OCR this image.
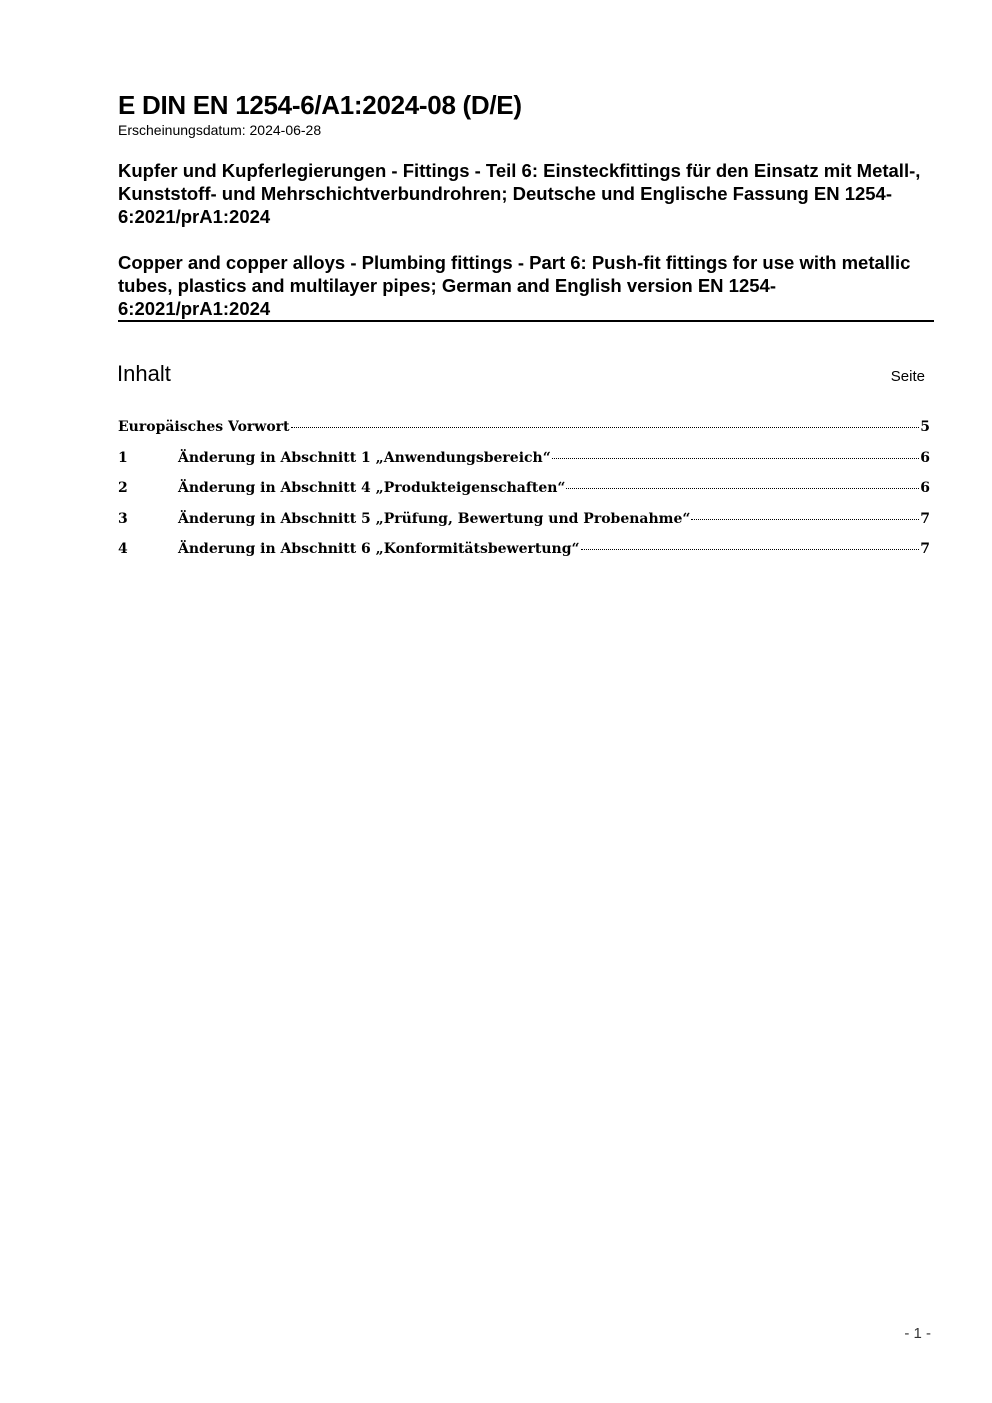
E DIN EN 1254-6/A1:2024-08 (D/E)
Erscheinungsdatum: 2024-06-28
Kupfer und Kupferlegierungen - Fittings - Teil 6: Einsteckfittings für den Einsatz mit Metall-, Kunststoff- und Mehrschichtverbundrohren; Deutsche und Englische Fassung EN 1254-6:2021/prA1:2024
Copper and copper alloys - Plumbing fittings - Part 6: Push-fit fittings for use with metallic tubes, plastics and multilayer pipes; German and English version EN 1254-6:2021/prA1:2024
Inhalt	Seite
Europäisches Vorwort	5
1	Änderung in Abschnitt 1 „Anwendungsbereich“	6
2	Änderung in Abschnitt 4 „Produkteigenschaften“	6
3	Änderung in Abschnitt 5 „Prüfung, Bewertung und Probenahme“	7
4	Änderung in Abschnitt 6 „Konformitätsbewertung“	7
- 1 -
